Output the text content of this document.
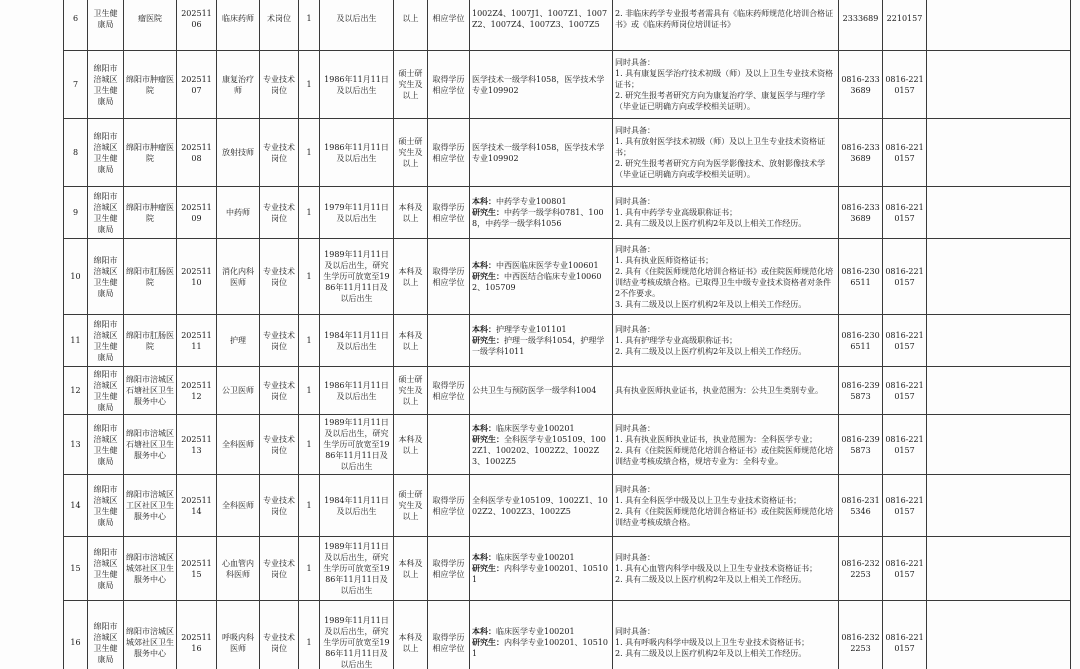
6	卫生健康局	瘤医院	20251106	临床药师	术岗位	1	及以后出生	以上	相应学位	1002Z4、1007J1、1007Z1、1007Z2、1007Z4、1007Z3、1007Z5	2. 非临床药学专业报考者需具有《临床药师规范化培训合格证书》或《临床药师岗位培训证书》	2333689	2210157	
7	绵阳市涪城区卫生健康局	绵阳市肿瘤医院	20251107	康复治疗师	专业技术岗位	1	1986年11月11日及以后出生	硕士研究生及以上	取得学历相应学位	医学技术一级学科1058，医学技术学专业109902	同时具备：
1. 具有康复医学治疗技术初级（师）及以上卫生专业技术资格证书；
2. 研究生报考者研究方向为康复治疗学、康复医学与理疗学（毕业证已明确方向或学校相关证明）。	0816-2333689	0816-2210157	
8	绵阳市涪城区卫生健康局	绵阳市肿瘤医院	20251108	放射技师	专业技术岗位	1	1986年11月11日及以后出生	硕士研究生及以上	取得学历相应学位	医学技术一级学科1058，医学技术学专业109902	同时具备：
1. 具有放射医学技术初级（师）及以上卫生专业技术资格证书；
2. 研究生报考者研究方向为医学影像技术、放射影像技术学（毕业证已明确方向或学校相关证明）。	0816-2333689	0816-2210157	
9	绵阳市涪城区卫生健康局	绵阳市肿瘤医院	20251109	中药师	专业技术岗位	1	1979年11月11日及以后出生	本科及以上	取得学历相应学位	本科：中药学专业100801
研究生：中药学一级学科0781、1008，中药学一级学科1056	同时具备：
1. 具有中药学专业高级职称证书；
2. 具有二级及以上医疗机构2年及以上相关工作经历。	0816-2333689	0816-2210157	
10	绵阳市涪城区卫生健康局	绵阳市肛肠医院	20251110	消化内科医师	专业技术岗位	1	1989年11月11日及以后出生，研究生学历可放宽至1986年11月11日及以后出生	本科及以上	取得学历相应学位	本科：中西医临床医学专业100601
研究生：中西医结合临床专业100602、105709	同时具备：
1. 具有执业医师资格证书；
2. 具有《住院医师规范化培训合格证书》或住院医师规范化培训结业考核成绩合格。已取得卫生中级专业技术资格者对条件2不作要求。
3. 具有二级及以上医疗机构2年及以上相关工作经历。	0816-2306511	0816-2210157	
11	绵阳市涪城区卫生健康局	绵阳市肛肠医院	20251111	护理	专业技术岗位	1	1984年11月11日及以后出生	本科及以上		本科：护理学专业101101
研究生：护理一级学科1054，护理学一级学科1011	同时具备：
1. 具有护理学专业高级职称证书；
2. 具有二级及以上医疗机构2年及以上相关工作经历。	0816-2306511	0816-2210157	
12	绵阳市涪城区卫生健康局	绵阳市涪城区石塘社区卫生服务中心	20251112	公卫医师	专业技术岗位	1	1986年11月11日及以后出生	硕士研究生及以上	取得学历相应学位	公共卫生与预防医学一级学科1004	具有执业医师执业证书，执业范围为：公共卫生类别专业。	0816-2395873	0816-2210157	
13	绵阳市涪城区卫生健康局	绵阳市涪城区石塘社区卫生服务中心	20251113	全科医师	专业技术岗位	1	1989年11月11日及以后出生，研究生学历可放宽至1986年11月11日及以后出生	本科及以上		本科：临床医学专业100201
研究生：全科医学专业105109、1002Z1、100202、1002Z2、1002Z3、1002Z5	同时具备：
1. 具有执业医师执业证书，执业范围为：全科医学专业；
2. 具有《住院医师规范化培训合格证书》或住院医师规范化培训结业考核成绩合格，规培专业为：全科专业。	0816-2395873	0816-2210157	
14	绵阳市涪城区卫生健康局	绵阳市涪城区工区社区卫生服务中心	20251114	全科医师	专业技术岗位	1	1984年11月11日及以后出生	硕士研究生及以上	取得学历相应学位	全科医学专业105109、1002Z1、1002Z2、1002Z3、1002Z5	同时具备：
1. 具有全科医学中级及以上卫生专业技术资格证书；
2. 具有《住院医师规范化培训合格证书》或住院医师规范化培训结业考核成绩合格。	0816-2315346	0816-2210157	
15	绵阳市涪城区卫生健康局	绵阳市涪城区城郊社区卫生服务中心	20251115	心血管内科医师	专业技术岗位	1	1989年11月11日及以后出生，研究生学历可放宽至1986年11月11日及以后出生	本科及以上	取得学历相应学位	本科：临床医学专业100201
研究生：内科学专业100201、105101	同时具备：
1. 具有心血管内科学中级及以上卫生专业技术资格证书；
2. 具有二级及以上医疗机构2年及以上相关工作经历。	0816-2322253	0816-2210157	
16	绵阳市涪城区卫生健康局	绵阳市涪城区城郊社区卫生服务中心	20251116	呼吸内科医师	专业技术岗位	1	1989年11月11日及以后出生，研究生学历可放宽至1986年11月11日及以后出生	本科及以上	取得学历相应学位	本科：临床医学专业100201
研究生：内科学专业100201、105101	同时具备：
1. 具有呼吸内科学中级及以上卫生专业技术资格证书；
2. 具有二级及以上医疗机构2年及以上相关工作经历。	0816-2322253	0816-2210157	
